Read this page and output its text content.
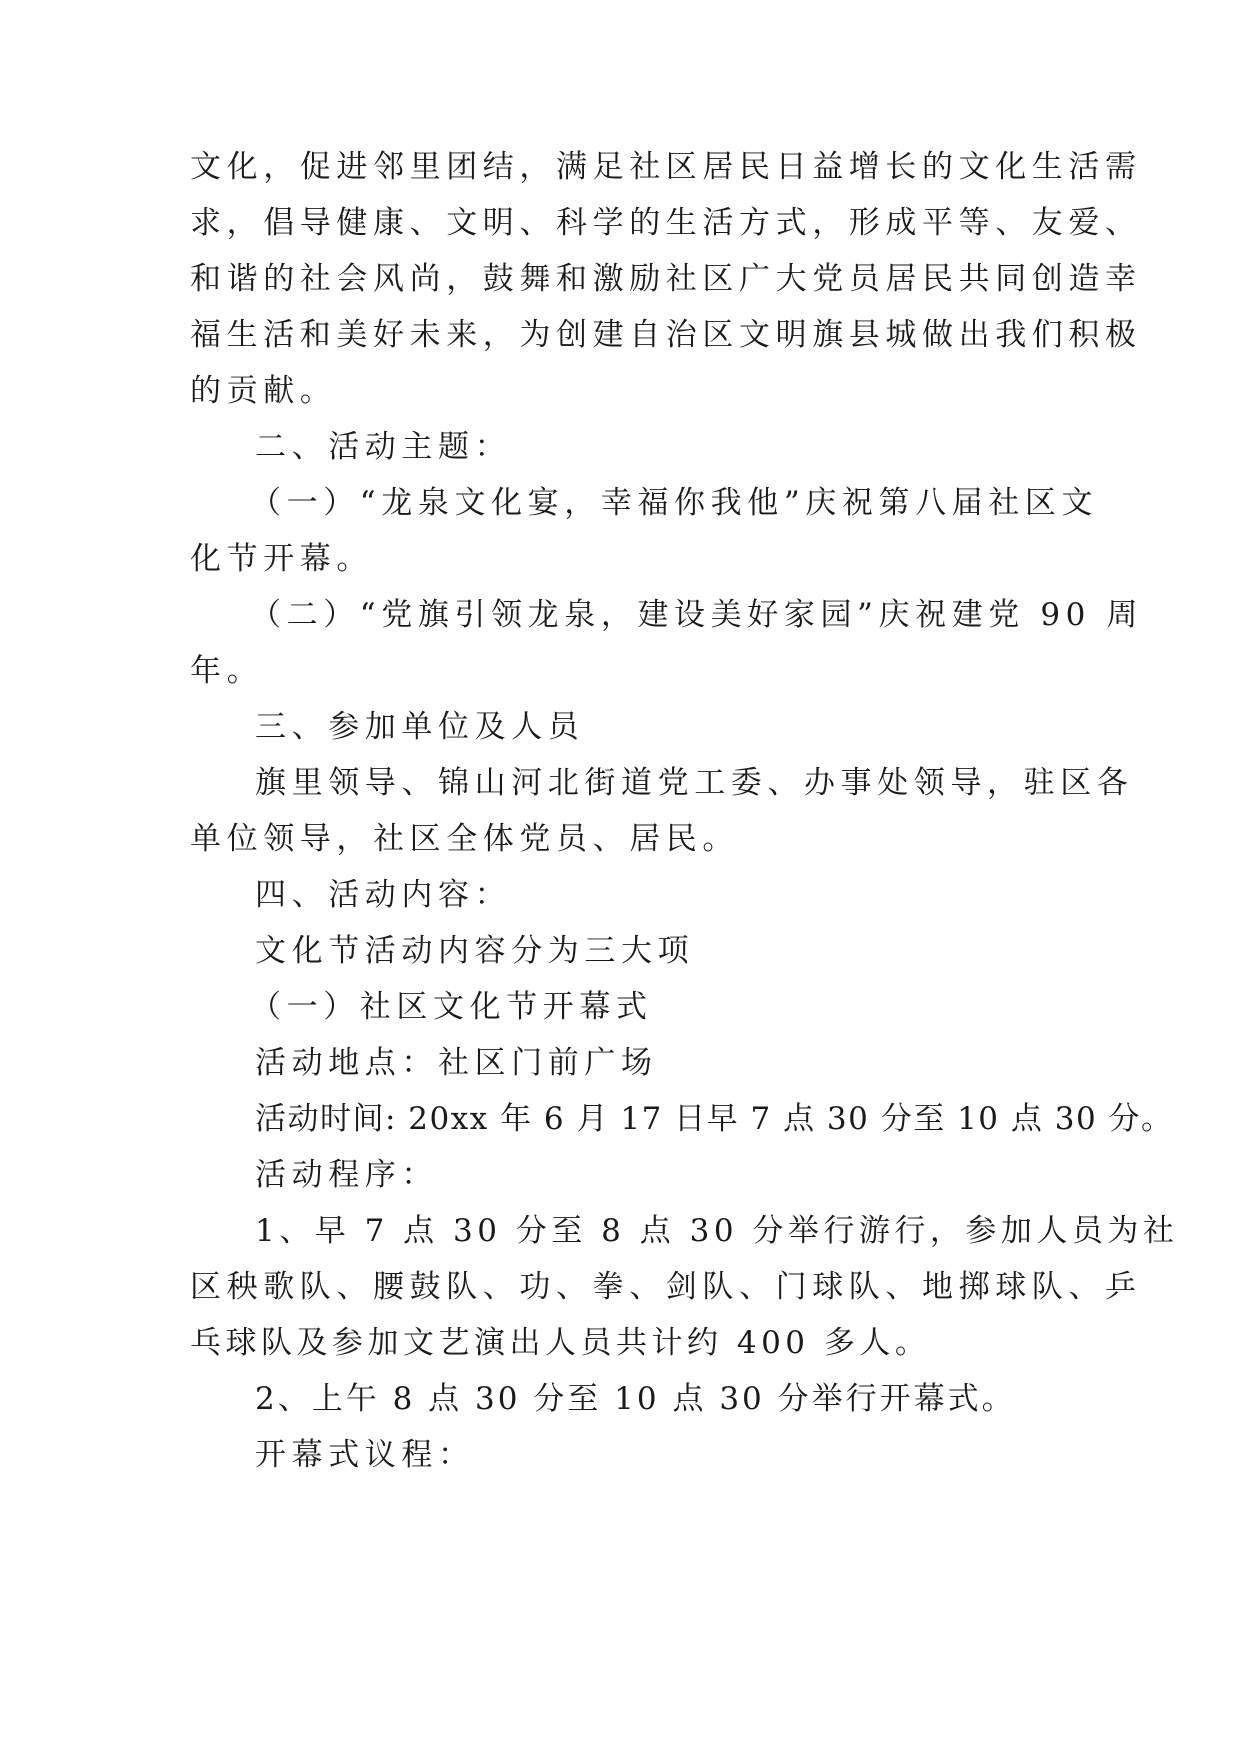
文化，促进邻里团结，满足社区居民日益增长的文化生活需
求，倡导健康、文明、科学的生活方式，形成平等、友爱、
和谐的社会风尚，鼓舞和激励社区广大党员居民共同创造幸
福生活和美好未来，为创建自治区文明旗县城做出我们积极
的贡献。
二、活动主题：
（一）“龙泉文化宴，幸福你我他”庆祝第八届社区文
化节开幕。
（二）“党旗引领龙泉，建设美好家园”庆祝建党 90 周
年。
三、参加单位及人员
旗里领导、锦山河北街道党工委、办事处领导，驻区各
单位领导，社区全体党员、居民。
四、活动内容：
文化节活动内容分为三大项
（一）社区文化节开幕式
活动地点：社区门前广场
活动时间: 20xx 年 6 月 17 日早 7 点 30 分至 10 点 30 分。
活动程序：
1、早 7 点 30 分至 8 点 30 分举行游行，参加人员为社
区秧歌队、腰鼓队、功、拳、剑队、门球队、地掷球队、乒
乓球队及参加文艺演出人员共计约 400 多人。
2、上午 8 点 30 分至 10 点 30 分举行开幕式。
开幕式议程：
